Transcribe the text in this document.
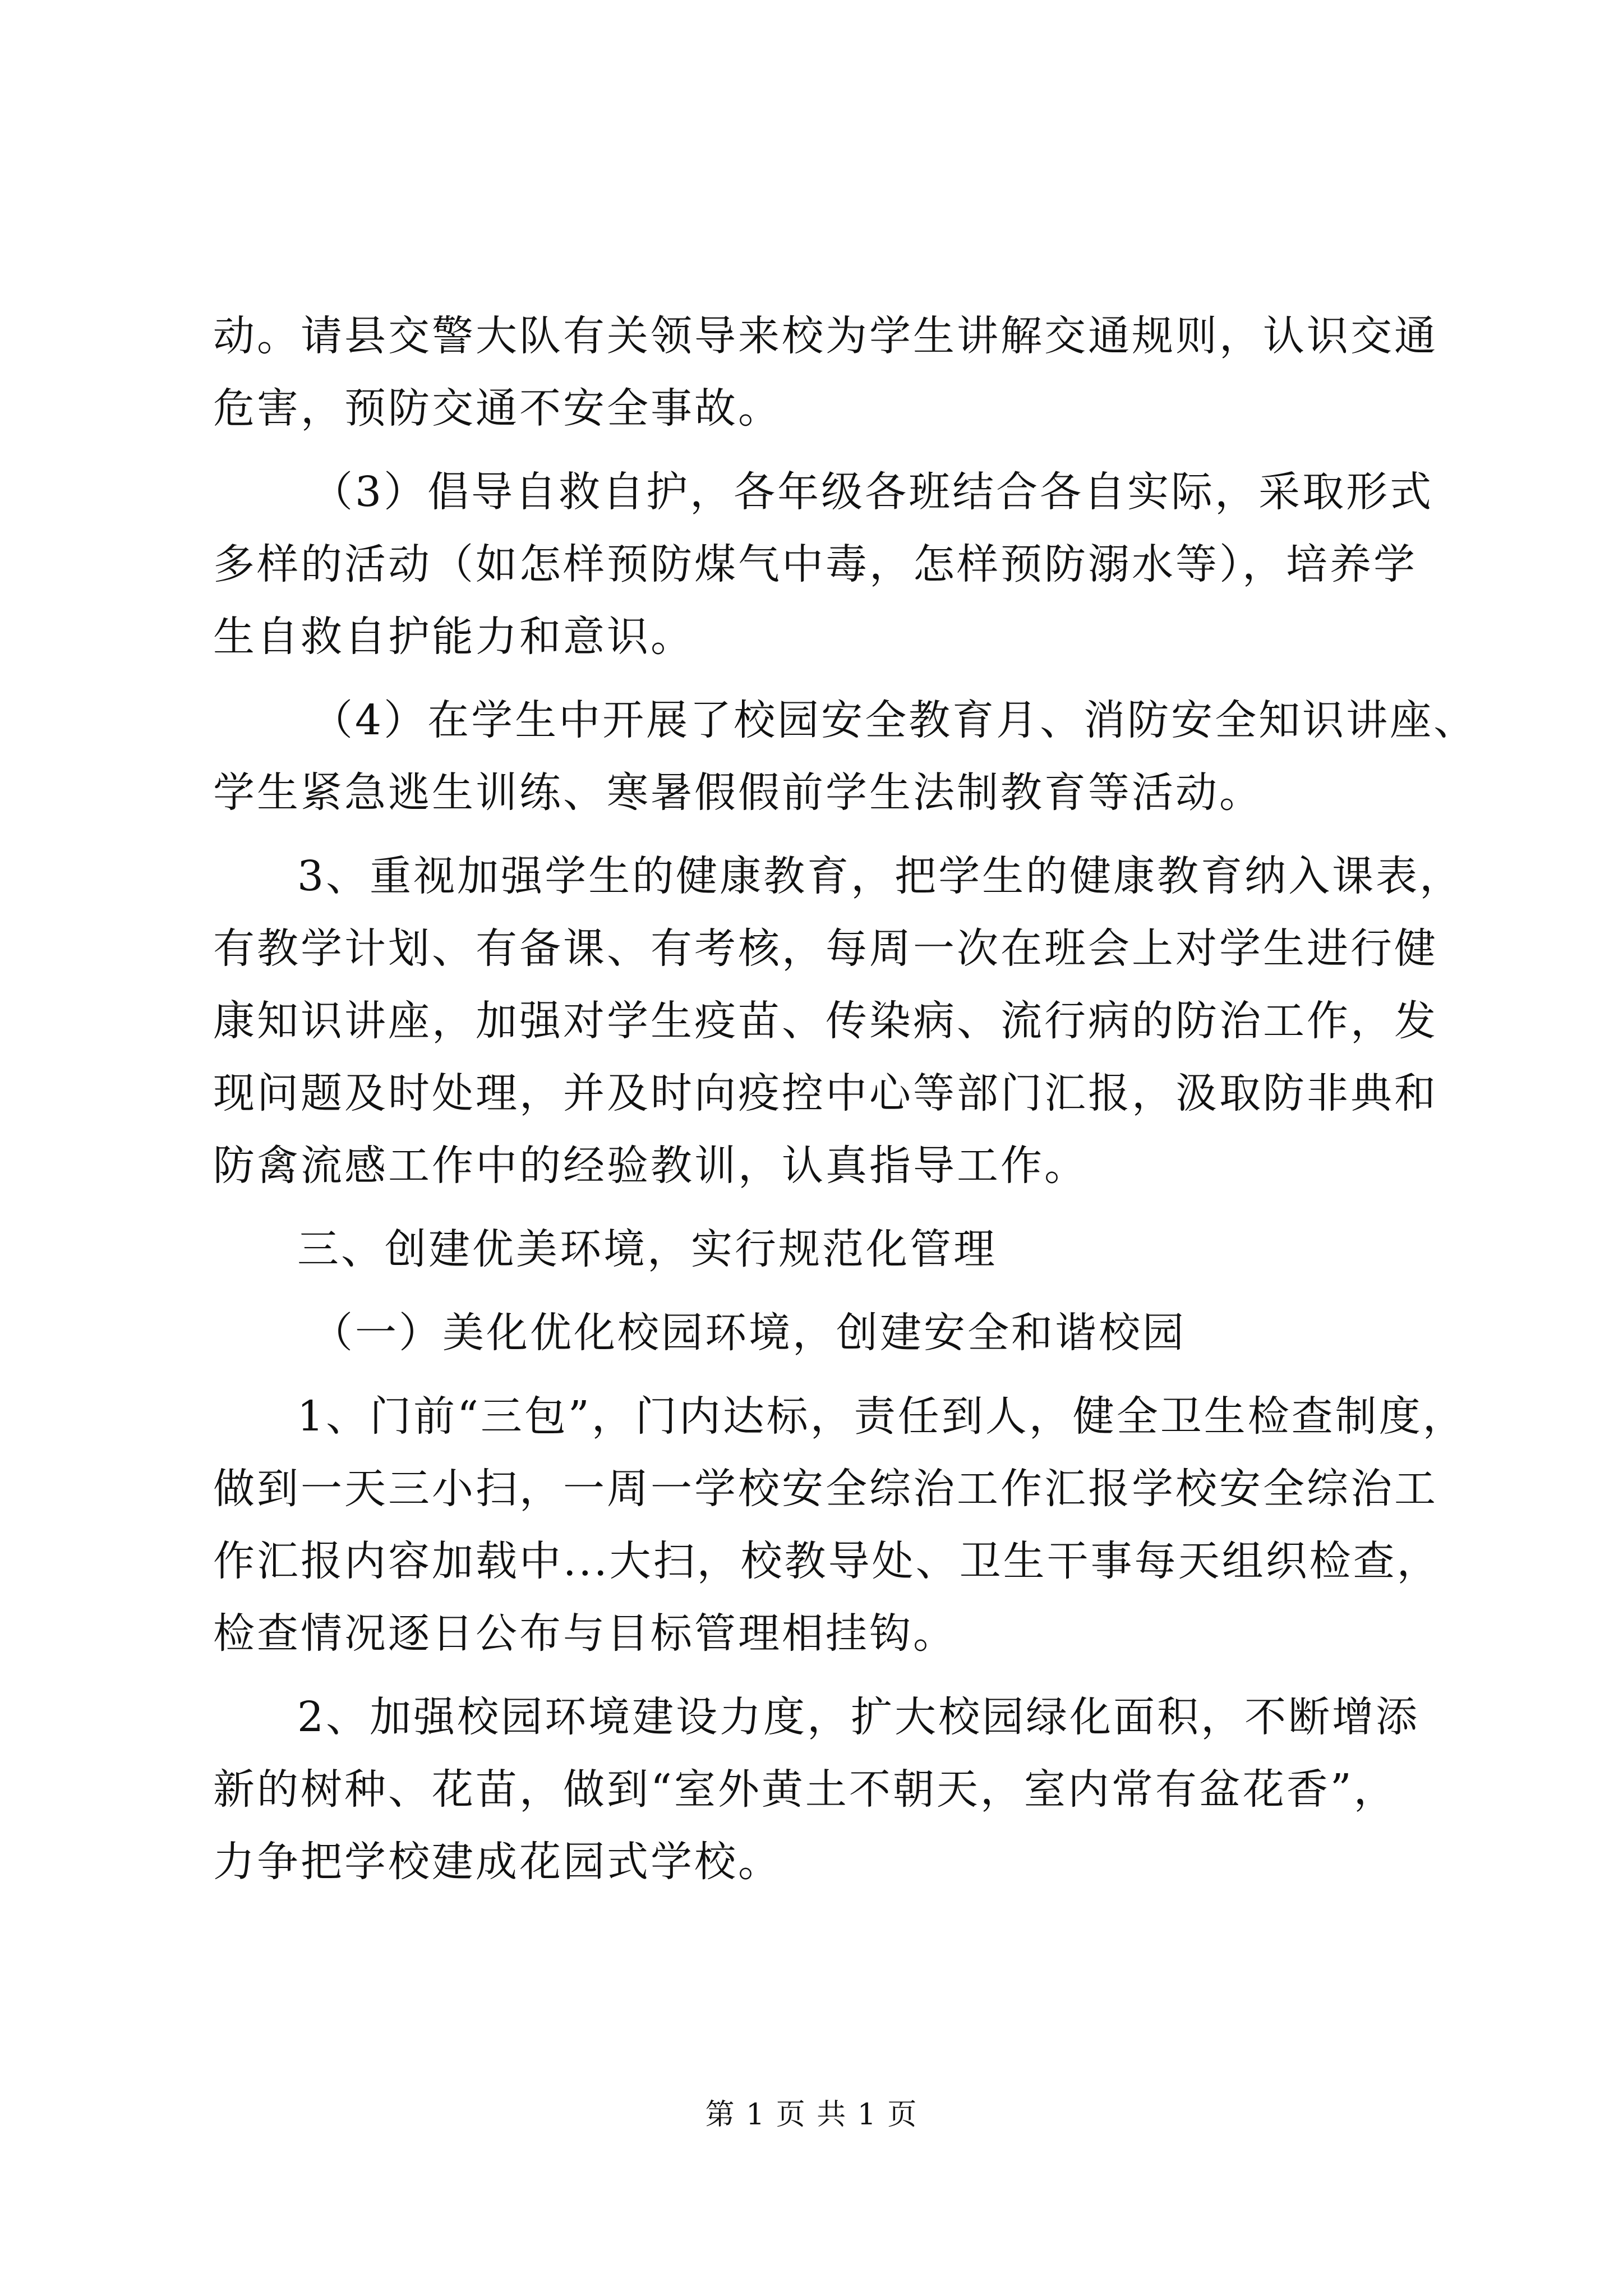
动。请县交警大队有关领导来校为学生讲解交通规则，认识交通
危害，预防交通不安全事故。
（3）倡导自救自护，各年级各班结合各自实际，采取形式
多样的活动（如怎样预防煤气中毒，怎样预防溺水等），培养学
生自救自护能力和意识。
（4）在学生中开展了校园安全教育月、消防安全知识讲座、
学生紧急逃生训练、寒暑假假前学生法制教育等活动。
3、重视加强学生的健康教育，把学生的健康教育纳入课表，
有教学计划、有备课、有考核，每周一次在班会上对学生进行健
康知识讲座，加强对学生疫苗、传染病、流行病的防治工作，发
现问题及时处理，并及时向疫控中心等部门汇报，汲取防非典和
防禽流感工作中的经验教训，认真指导工作。
三、创建优美环境，实行规范化管理
（一）美化优化校园环境，创建安全和谐校园
1、门前“三包”，门内达标，责任到人，健全卫生检查制度，
做到一天三小扫，一周一学校安全综治工作汇报学校安全综治工
作汇报内容加载中...大扫，校教导处、卫生干事每天组织检查，
检查情况逐日公布与目标管理相挂钩。
2、加强校园环境建设力度，扩大校园绿化面积，不断增添
新的树种、花苗，做到“室外黄土不朝天，室内常有盆花香”，
力争把学校建成花园式学校。
第 1 页 共 1 页
